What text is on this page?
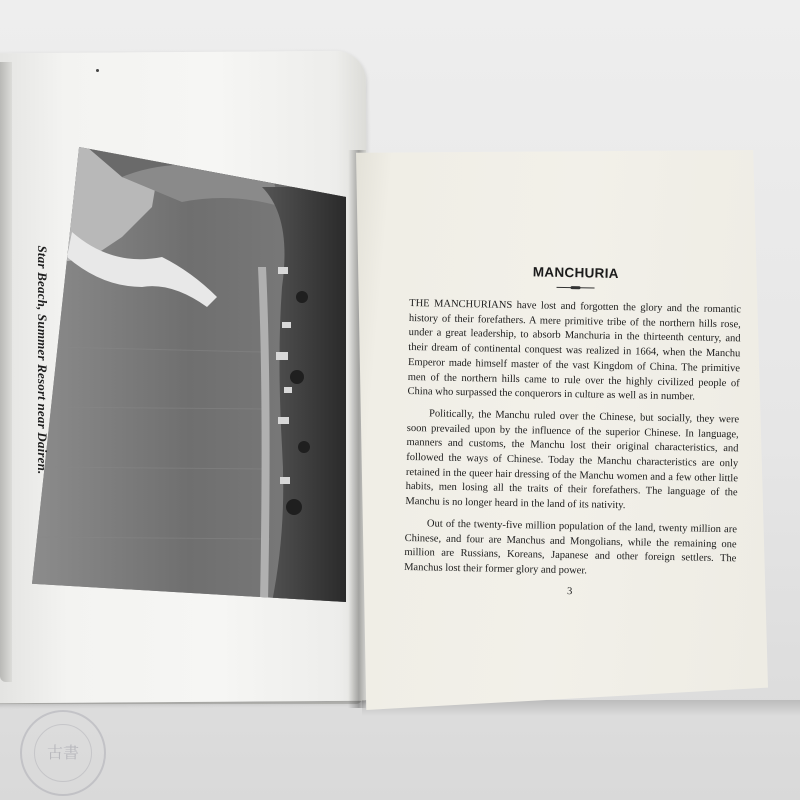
Star Beach, Summer Resort near Dairen.	MANCHURIA

THE MANCHURIANS have lost and forgotten the glory and the romantic history of their forefathers. A mere primitive tribe of the northern hills rose, under a great leadership, to absorb Manchuria in the thirteenth century, and their dream of continental conquest was realized in 1664, when the Manchu Emperor made himself master of the vast Kingdom of China. The primitive men of the northern hills came to rule over the highly civilized people of China who surpassed the conquerors in culture as well as in number.

Politically, the Manchu ruled over the Chinese, but socially, they were soon prevailed upon by the influence of the superior Chinese. In language, manners and customs, the Manchu lost their original characteristics, and followed the ways of Chinese. Today the Manchu characteristics are only retained in the queer hair dressing of the Manchu women and a few other little habits, men losing all the traits of their forefathers. The language of the Manchu is no longer heard in the land of its nativity.

Out of the twenty-five million population of the land, twenty million are Chinese, and four are Manchus and Mongolians, while the remaining one million are Russians, Koreans, Japanese and other foreign settlers. The Manchus lost their former glory and power.

3
古書
